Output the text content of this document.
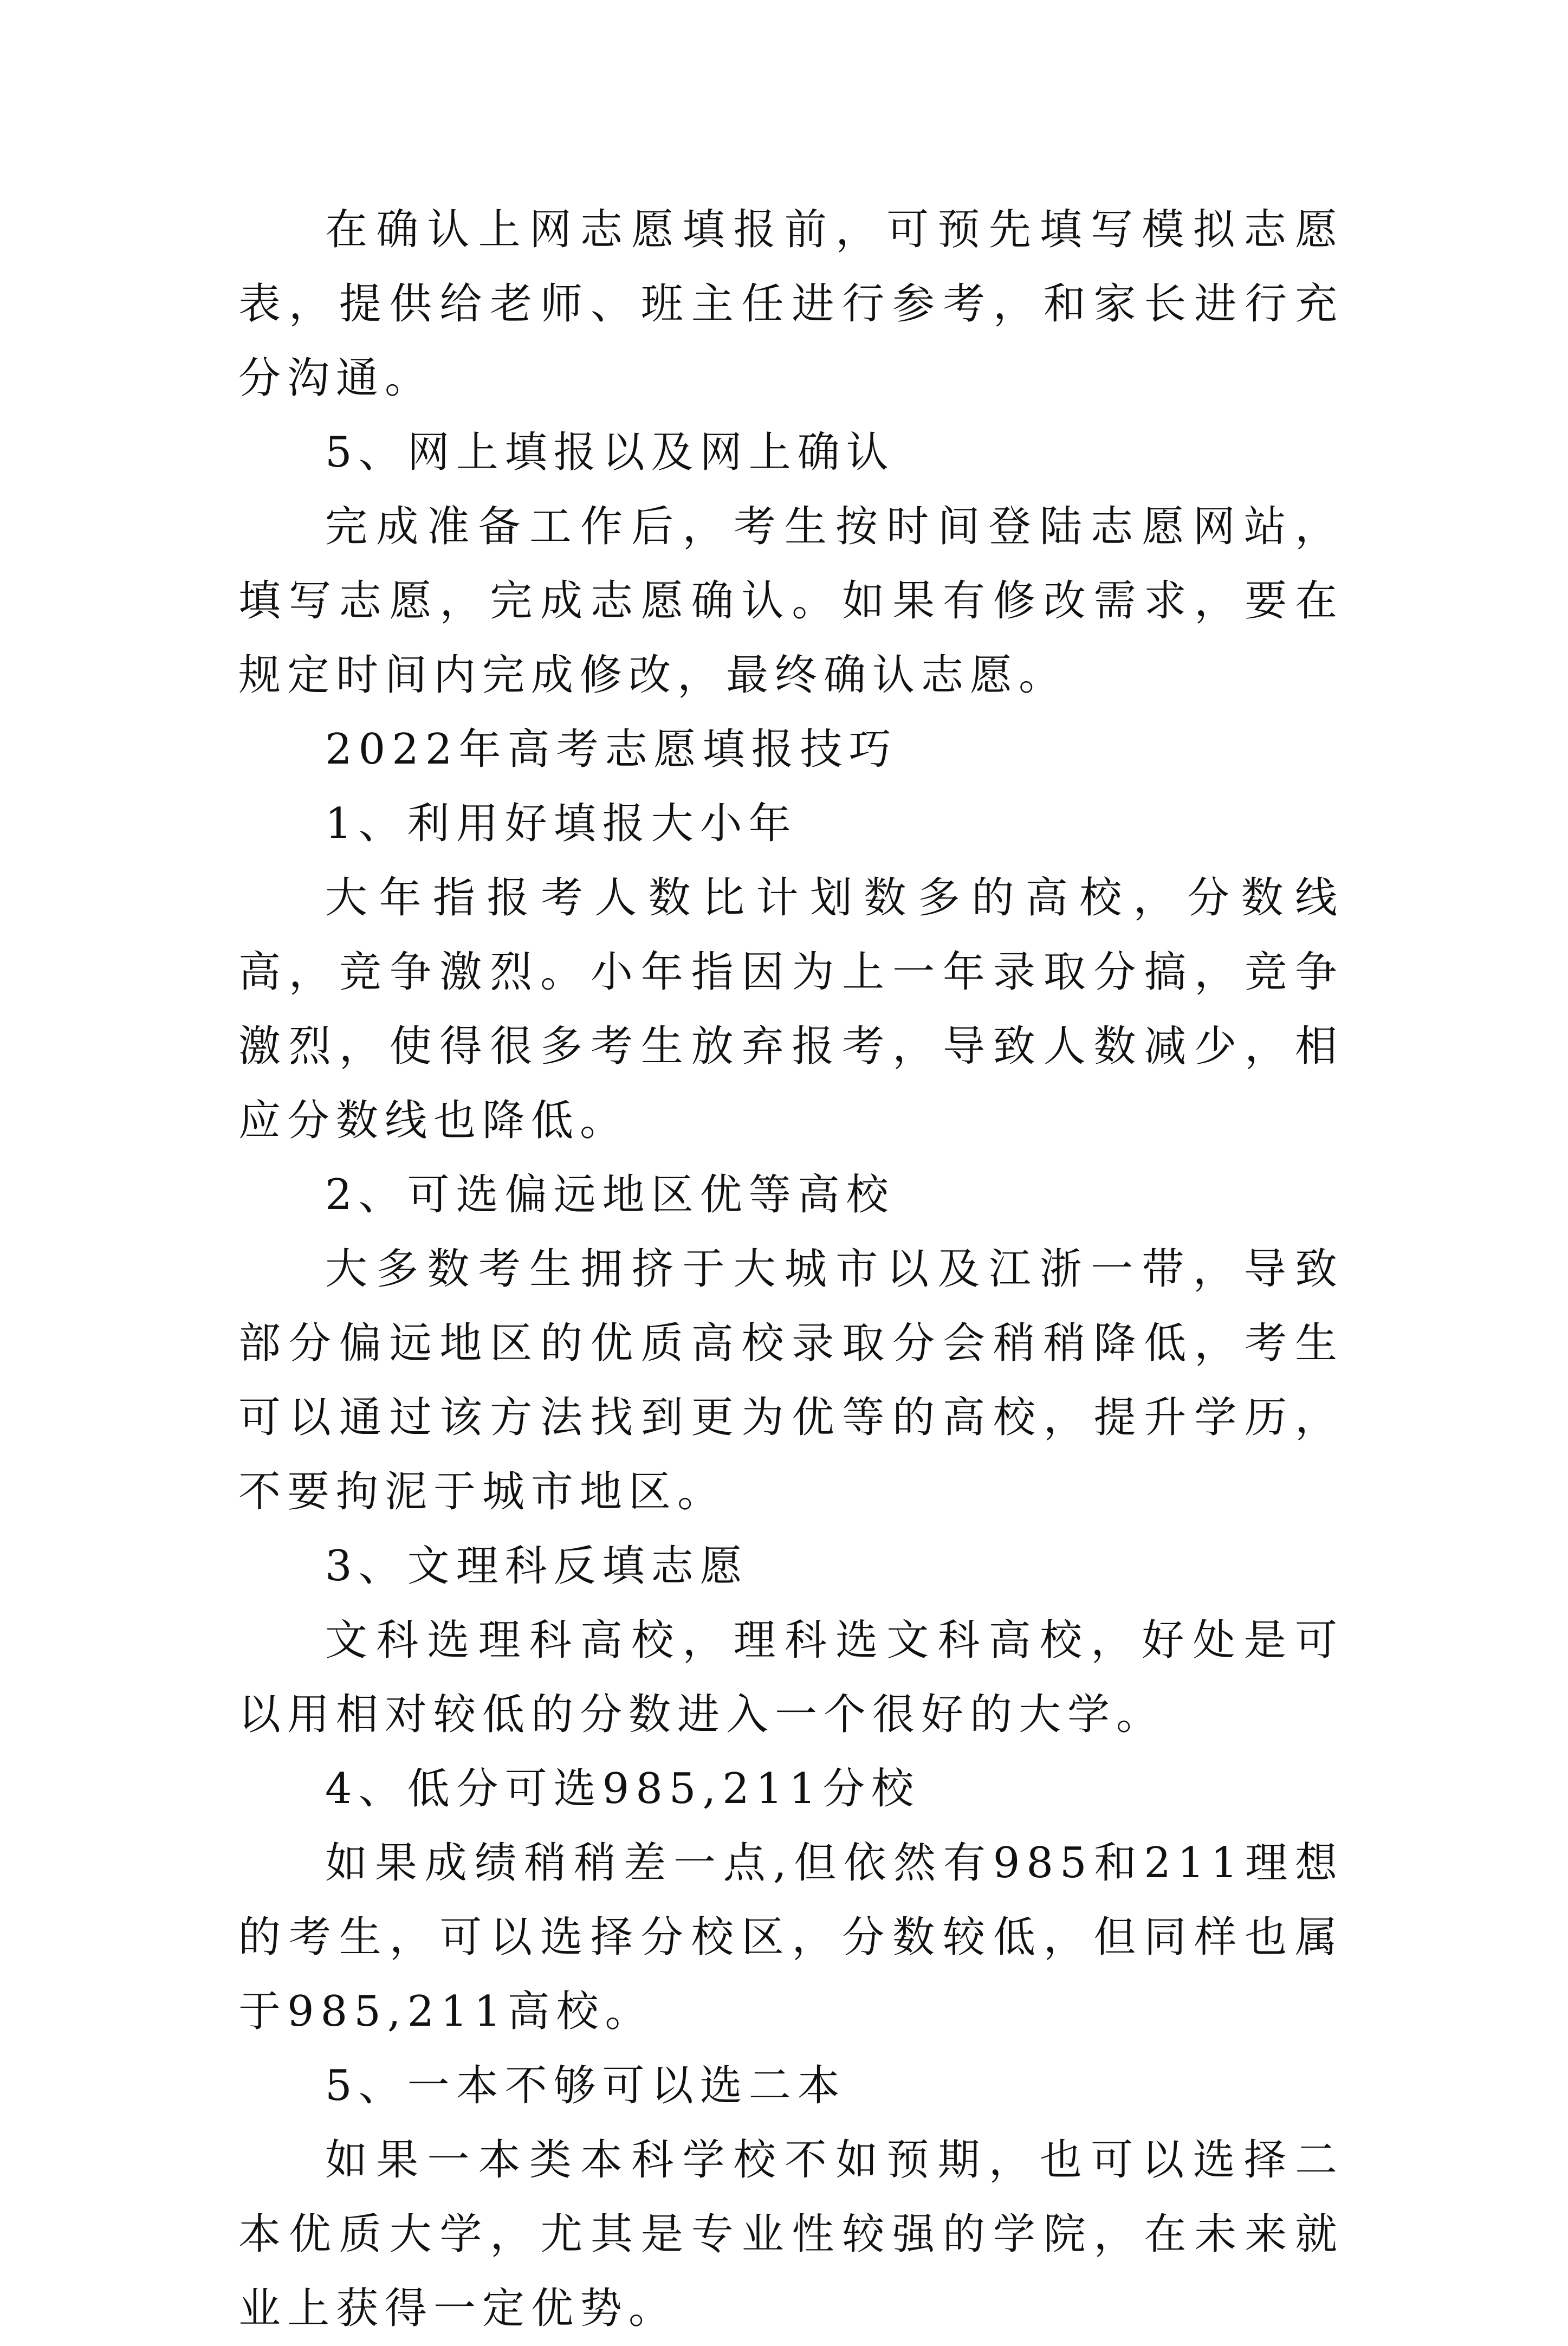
在确认上网志愿填报前，可预先填写模拟志愿表，提供给老师、班主任进行参考，和家长进行充分沟通。

5、网上填报以及网上确认

完成准备工作后，考生按时间登陆志愿网站，填写志愿，完成志愿确认。如果有修改需求，要在规定时间内完成修改，最终确认志愿。

2022年高考志愿填报技巧

1、利用好填报大小年

大年指报考人数比计划数多的高校，分数线高，竞争激烈。小年指因为上一年录取分搞，竞争激烈，使得很多考生放弃报考，导致人数减少，相应分数线也降低。

2、可选偏远地区优等高校

大多数考生拥挤于大城市以及江浙一带，导致部分偏远地区的优质高校录取分会稍稍降低，考生可以通过该方法找到更为优等的高校，提升学历，不要拘泥于城市地区。

3、文理科反填志愿

文科选理科高校，理科选文科高校，好处是可以用相对较低的分数进入一个很好的大学。

4、低分可选985,211分校

如果成绩稍稍差一点,但依然有985和211理想的考生，可以选择分校区，分数较低，但同样也属于985,211高校。

5、一本不够可以选二本

如果一本类本科学校不如预期，也可以选择二本优质大学，尤其是专业性较强的学院，在未来就业上获得一定优势。
